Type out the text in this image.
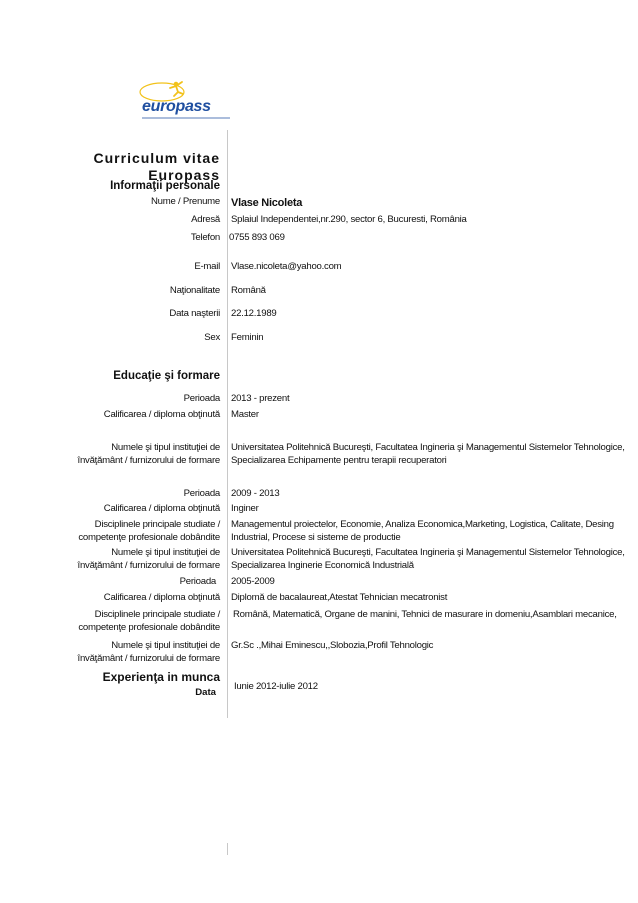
europass
Curriculum vitae
Europass
Informaţii personale
Nume / Prenume Vlase Nicoleta
Adresă Splaiul Independentei,nr.290, sector 6, Bucuresti, România
Telefon 0755 893 069
E-mail Vlase.nicoleta@yahoo.com
Naţionalitate Română
Data naşterii 22.12.1989
Sex Feminin
Educaţie şi formare
Perioada 2013 - prezent
Calificarea / diploma obţinută Master
Numele şi tipul instituţiei de
învăţământ / furnizorului de formare
Universitatea Politehnică Bucureşti, Facultatea Ingineria şi Managementul Sistemelor Tehnologice,
Specializarea Echipamente pentru terapii recuperatori
Perioada 2009 - 2013
Calificarea / diploma obţinută Inginer
Disciplinele principale studiate /
competenţe profesionale dobândite
Managementul proiectelor, Economie, Analiza Economica,Marketing, Logistica, Calitate, Desing
Industrial, Procese si sisteme de productie
Numele şi tipul instituţiei de
învăţământ / furnizorului de formare
Universitatea Politehnică Bucureşti, Facultatea Ingineria şi Managementul Sistemelor Tehnologice,
Specializarea Inginerie Economică Industrială
Perioada 2005-2009
Calificarea / diploma obţinută Diplomă de bacalaureat,Atestat Tehnician mecatronist
Disciplinele principale studiate /
competenţe profesionale dobândite
Română, Matematică, Organe de manini, Tehnici de masurare in domeniu,Asamblari mecanice,
Numele şi tipul instituţiei de
învăţământ / furnizorului de formare
Gr.Sc .,Mihai Eminescu,,Slobozia,Profil Tehnologic
Experienţa in munca
Data
Iunie 2012-iulie 2012
